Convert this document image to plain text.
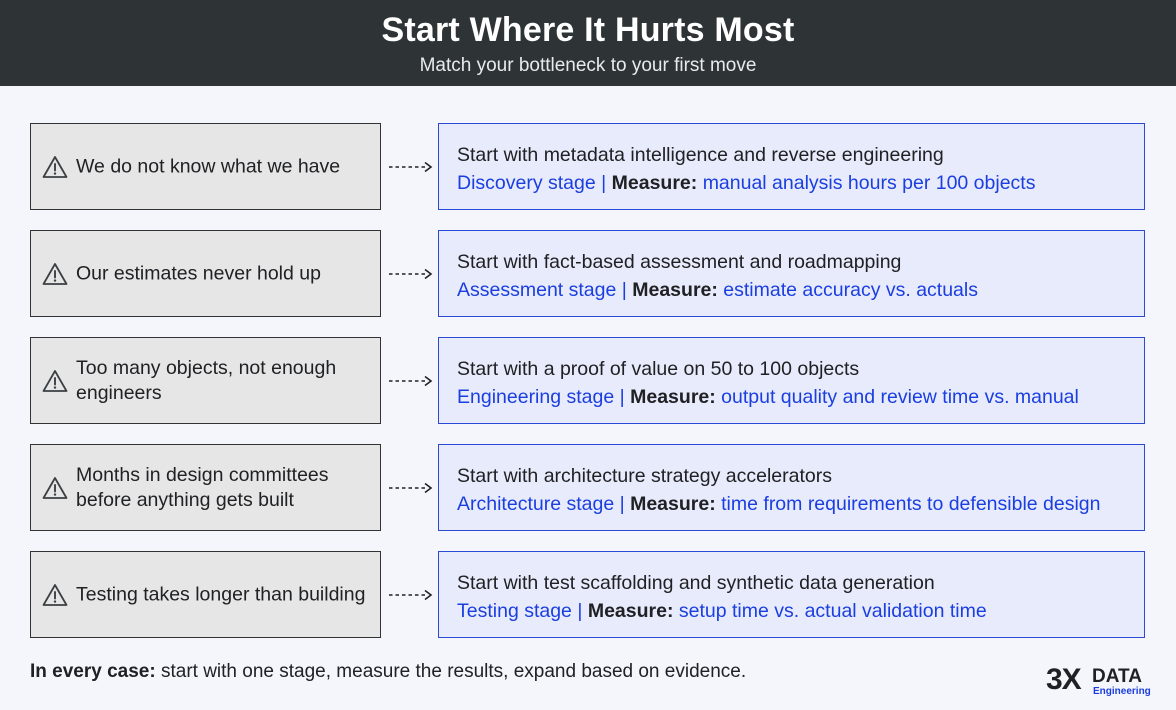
Start Where It Hurts Most
Match your bottleneck to your first move
We do not know what we have	Start with metadata intelligence and reverse engineering
Discovery stage | Measure: manual analysis hours per 100 objects
Our estimates never hold up	Start with fact-based assessment and roadmapping
Assessment stage | Measure: estimate accuracy vs. actuals
Too many objects, not enough engineers
Start with a proof of value on 50 to 100 objects
Engineering stage | Measure: output quality and review time vs. manual
Months in design committees before anything gets built
Start with architecture strategy accelerators
Architecture stage | Measure: time from requirements to defensible design
Testing takes longer than building	Start with test scaffolding and synthetic data generation
Testing stage | Measure: setup time vs. actual validation time
In every case: start with one stage, measure the results, expand based on evidence.	3X DATA
Engineering
